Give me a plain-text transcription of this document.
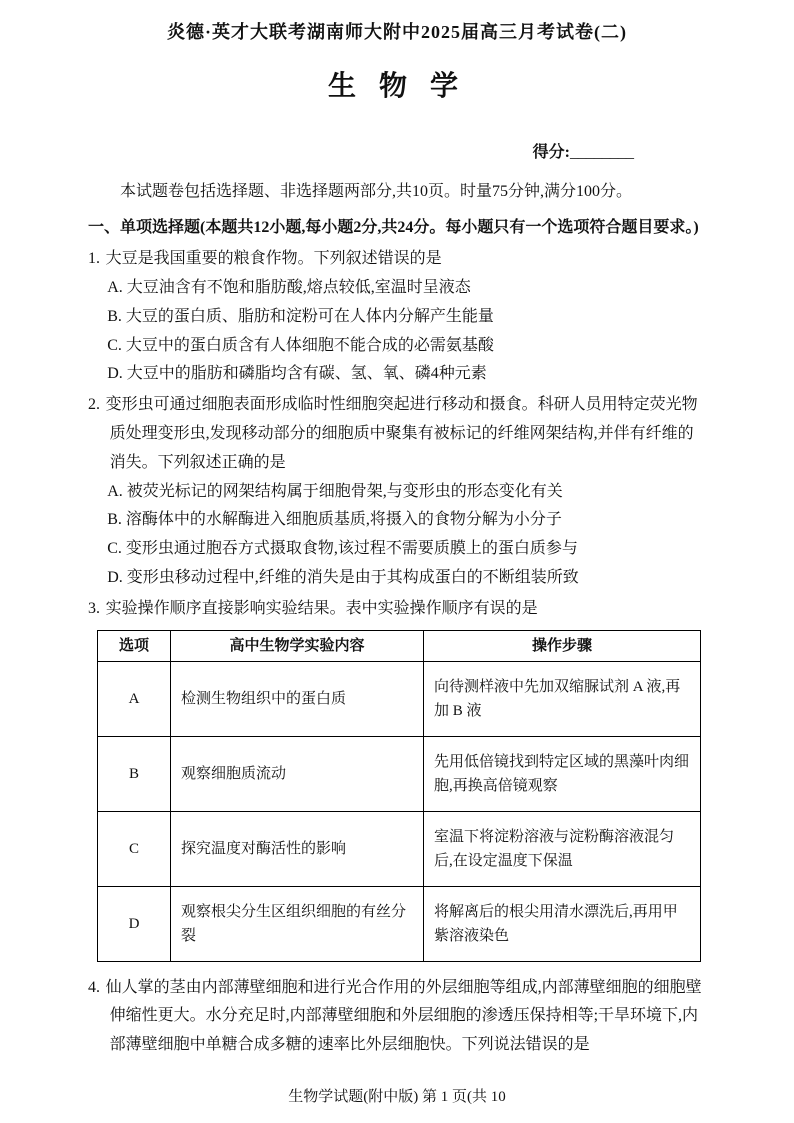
炎德·英才大联考湖南师大附中2025届高三月考试卷(二)
生 物 学
得分:________

本试题卷包括选择题、非选择题两部分,共10页。时量75分钟,满分100分。

一、单项选择题(本题共12小题,每小题2分,共24分。每小题只有一个选项符合题目要求。)

1. 大豆是我国重要的粮食作物。下列叙述错误的是
A. 大豆油含有不饱和脂肪酸,熔点较低,室温时呈液态
B. 大豆的蛋白质、脂肪和淀粉可在人体内分解产生能量
C. 大豆中的蛋白质含有人体细胞不能合成的必需氨基酸
D. 大豆中的脂肪和磷脂均含有碳、氢、氧、磷4种元素
2. 变形虫可通过细胞表面形成临时性细胞突起进行移动和摄食。科研人员用特定荧光物质处理变形虫,发现移动部分的细胞质中聚集有被标记的纤维网架结构,并伴有纤维的消失。下列叙述正确的是
A. 被荧光标记的网架结构属于细胞骨架,与变形虫的形态变化有关
B. 溶酶体中的水解酶进入细胞质基质,将摄入的食物分解为小分子
C. 变形虫通过胞吞方式摄取食物,该过程不需要质膜上的蛋白质参与
D. 变形虫移动过程中,纤维的消失是由于其构成蛋白的不断组装所致
3. 实验操作顺序直接影响实验结果。表中实验操作顺序有误的是
选项	高中生物学实验内容	操作步骤
A	检测生物组织中的蛋白质	向待测样液中先加双缩脲试剂 A 液,再加 B 液
B	观察细胞质流动	先用低倍镜找到特定区域的黑藻叶肉细胞,再换高倍镜观察
C	探究温度对酶活性的影响	室温下将淀粉溶液与淀粉酶溶液混匀后,在设定温度下保温
D	观察根尖分生区组织细胞的有丝分裂	将解离后的根尖用清水漂洗后,再用甲紫溶液染色
4. 仙人掌的茎由内部薄壁细胞和进行光合作用的外层细胞等组成,内部薄壁细胞的细胞壁伸缩性更大。水分充足时,内部薄壁细胞和外层细胞的渗透压保持相等;干旱环境下,内部薄壁细胞中单糖合成多糖的速率比外层细胞快。下列说法错误的是
生物学试题(附中版) 第 1 页(共 10
